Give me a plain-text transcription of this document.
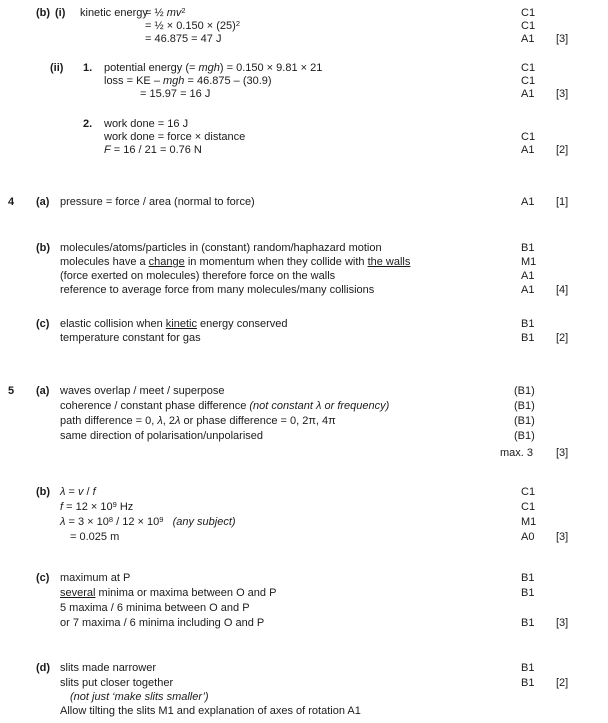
(b) (i) kinetic energy
= ½ $mv^2$	C1
= ½ × $0.150 \times (25)^2$	C1
= 46.875 = 47 J	A1 [3]
(ii) 1. potential energy (= mgh) = 0.150 × 9.81 × 21	C1
loss = KE – mgh = 46.875 – (30.9)	C1
= 15.97 = 16 J	A1 [3]
2. work done = 16 J
work done = force × distance	C1
F = 16 / 21 = 0.76 N	A1 [2]
4 (a) pressure = force / area (normal to force)	A1 [1]
(b) molecules/atoms/particles in (constant) random/haphazard motion	B1
molecules have a change in momentum when they collide with the walls	M1
(force exerted on molecules) therefore force on the walls	A1
reference to average force from many molecules/many collisions	A1 [4]
(c) elastic collision when kinetic energy conserved	B1
temperature constant for gas	B1 [2]
5 (a) waves overlap / meet / superpose	(B1)
coherence / constant phase difference (not constant λ or frequency)	(B1)
path difference = 0, λ, 2λ or phase difference = 0, 2π, 4π	(B1)
same direction of polarisation/unpolarised	(B1)
max. 3 [3]
(b) λ = v / f	C1
$f = 12 \times 10^9$ Hz	C1
$\lambda = 3 \times 10^8 / 12 \times 10^9$ (any subject)	M1
= 0.025 m	A0 [3]
(c) maximum at P	B1
several minima or maxima between O and P	B1
5 maxima / 6 minima between O and P
or 7 maxima / 6 minima including O and P	B1 [3]
(d) slits made narrower	B1
slits put closer together	B1 [2]
(not just ‘make slits smaller’)
Allow tilting the slits M1 and explanation of axes of rotation A1
